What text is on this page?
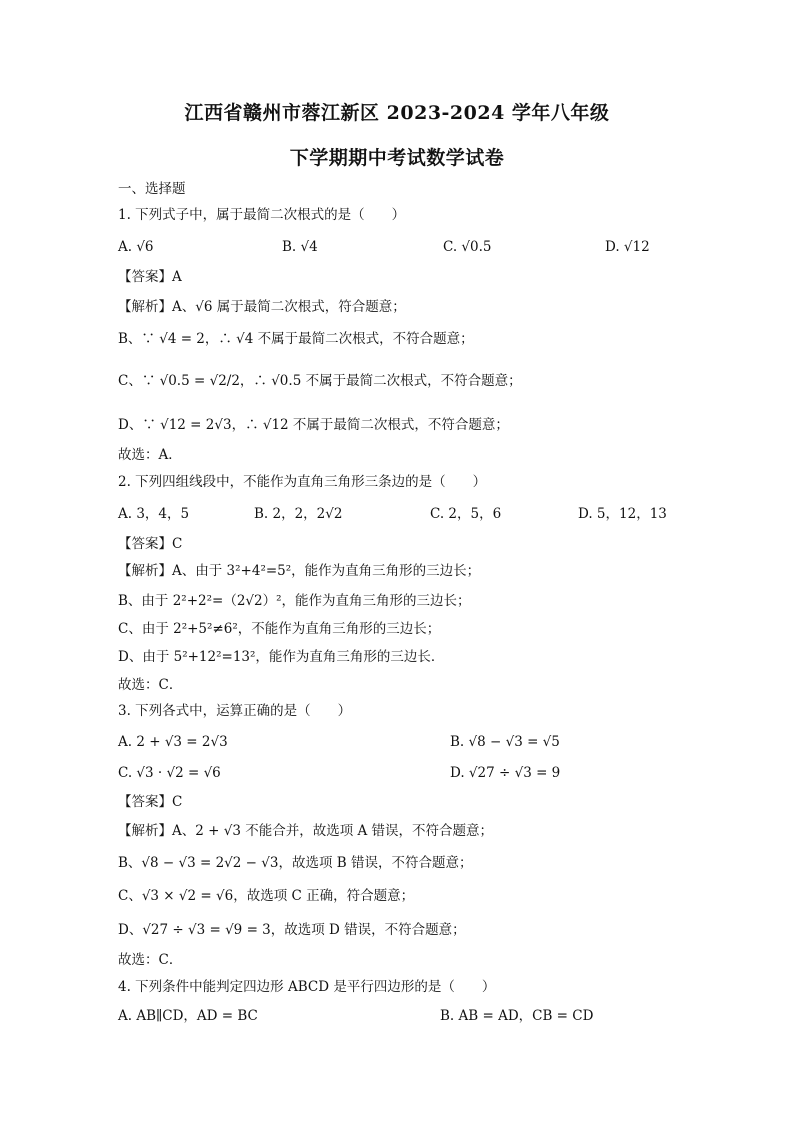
江西省赣州市蓉江新区 2023-2024 学年八年级
下学期期中考试数学试卷
一、选择题
1. 下列式子中，属于最简二次根式的是（　　）
A. √6	B. √4	C. √0.5	D. √12
【答案】A
【解析】A、√6 属于最简二次根式，符合题意；
B、∵ √4 = 2，∴ √4 不属于最简二次根式，不符合题意；
C、∵ √0.5 = √2/2，∴ √0.5 不属于最简二次根式，不符合题意；
D、∵ √12 = 2√3，∴ √12 不属于最简二次根式，不符合题意；
故选：A．
2. 下列四组线段中，不能作为直角三角形三条边的是（　　）
A. 3，4，5	B. 2，2，2√2	C. 2，5，6	D. 5，12，13
【答案】C
【解析】A、由于 3²+4²=5²，能作为直角三角形的三边长；
B、由于 2²+2²=（2√2）²，能作为直角三角形的三边长；
C、由于 2²+5²≠6²，不能作为直角三角形的三边长；
D、由于 5²+12²=13²，能作为直角三角形的三边长．
故选：C．
3. 下列各式中，运算正确的是（　　）
A. 2 + √3 = 2√3	B. √8 − √3 = √5
C. √3 · √2 = √6	D. √27 ÷ √3 = 9
【答案】C
【解析】A、2 + √3 不能合并，故选项 A 错误，不符合题意；
B、√8 − √3 = 2√2 − √3，故选项 B 错误，不符合题意；
C、√3 × √2 = √6，故选项 C 正确，符合题意；
D、√27 ÷ √3 = √9 = 3，故选项 D 错误，不符合题意；
故选：C．
4. 下列条件中能判定四边形 ABCD 是平行四边形的是（　　）
A. AB∥CD，AD = BC	B. AB = AD，CB = CD
